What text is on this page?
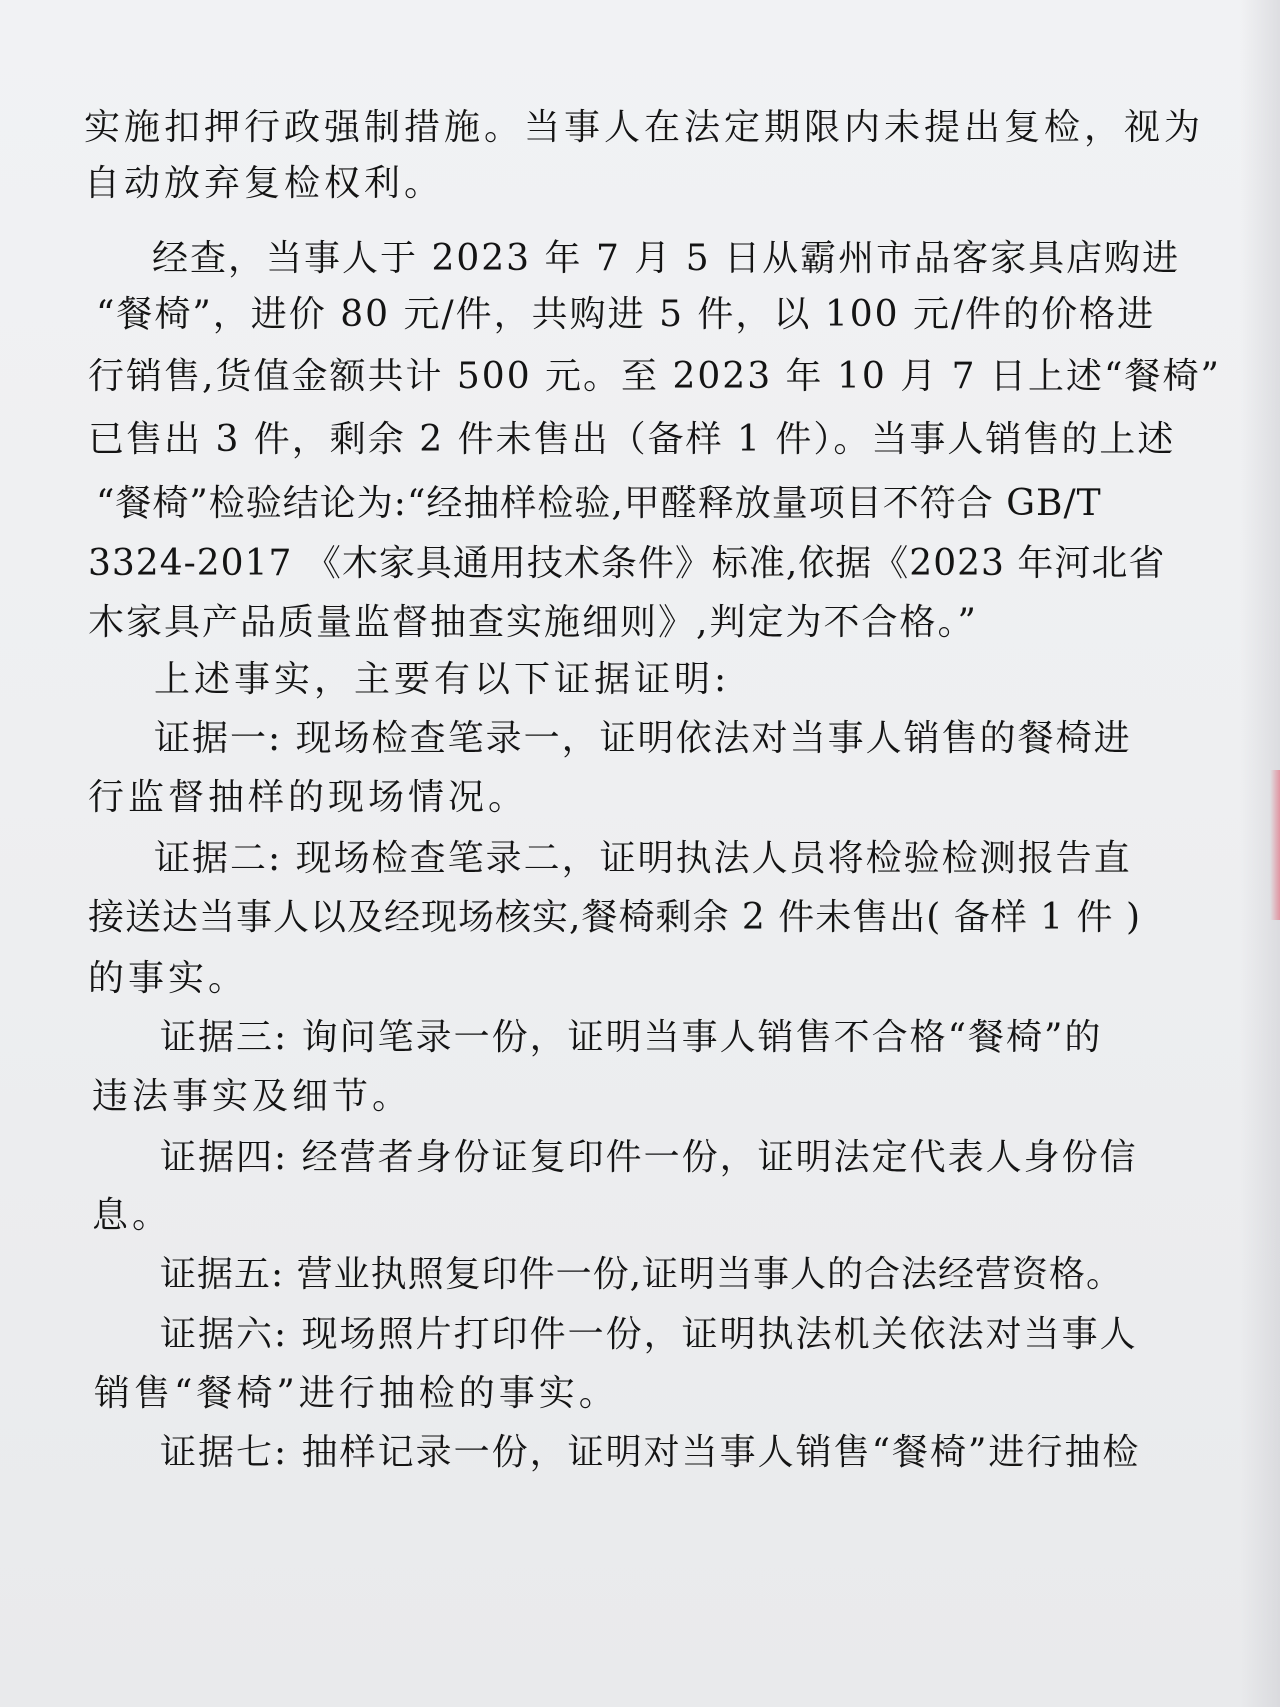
实施扣押行政强制措施。当事人在法定期限内未提出复检，视为
自动放弃复检权利。
经查，当事人于 2023 年 7 月 5 日从霸州市品客家具店购进
“餐椅”，进价 80 元/件，共购进 5 件，以 100 元/件的价格进
行销售,货值金额共计 500 元。至 2023 年 10 月 7 日上述“餐椅”
已售出 3 件，剩余 2 件未售出（备样 1 件）。当事人销售的上述
“餐椅”检验结论为:“经抽样检验,甲醛释放量项目不符合 GB/T
3324-2017 《木家具通用技术条件》标准,依据《2023 年河北省
木家具产品质量监督抽查实施细则》,判定为不合格。”
上述事实，主要有以下证据证明:
证据一: 现场检查笔录一，证明依法对当事人销售的餐椅进
行监督抽样的现场情况。
证据二: 现场检查笔录二，证明执法人员将检验检测报告直
接送达当事人以及经现场核实,餐椅剩余 2 件未售出( 备样 1 件 )
的事实。
证据三: 询问笔录一份，证明当事人销售不合格“餐椅”的
违法事实及细节。
证据四: 经营者身份证复印件一份，证明法定代表人身份信
息。
证据五: 营业执照复印件一份,证明当事人的合法经营资格。
证据六: 现场照片打印件一份，证明执法机关依法对当事人
销售“餐椅”进行抽检的事实。
证据七: 抽样记录一份，证明对当事人销售“餐椅”进行抽检
